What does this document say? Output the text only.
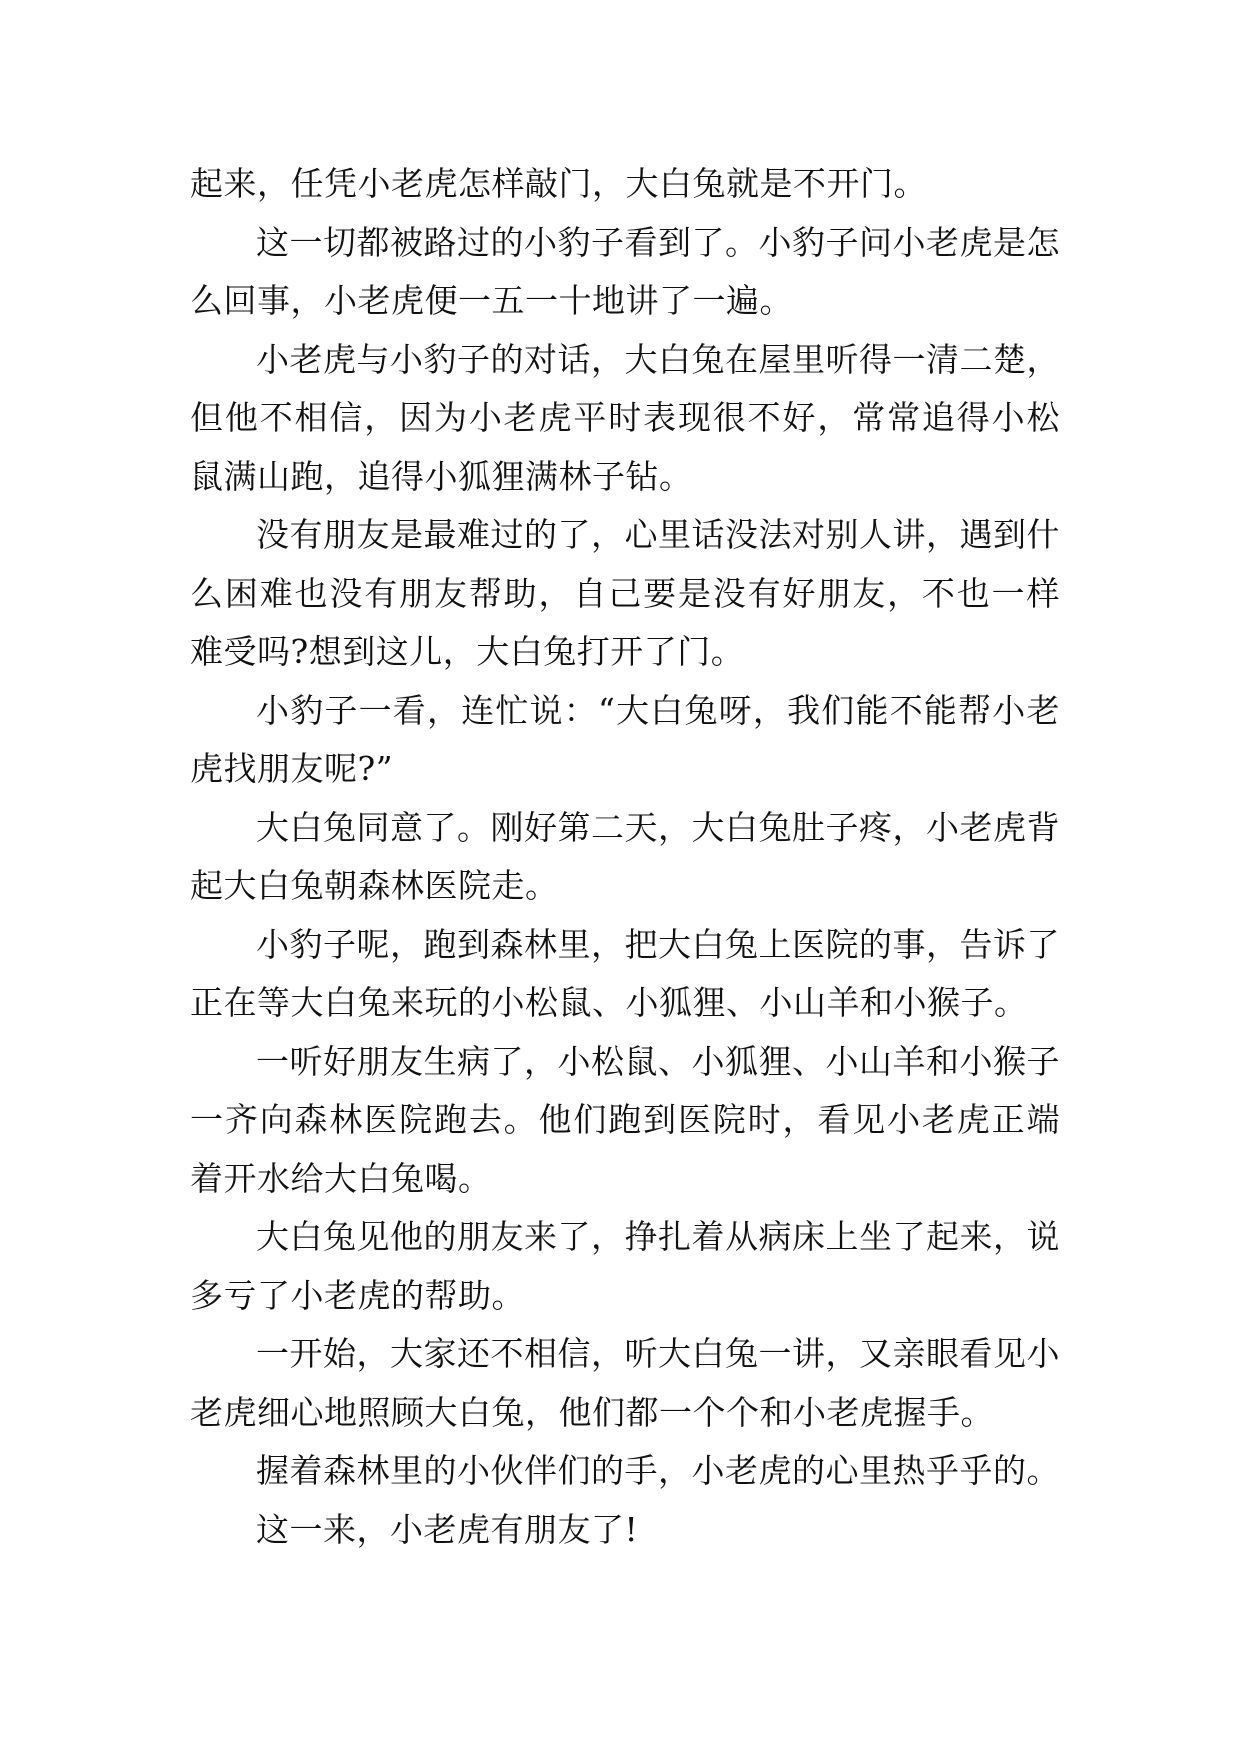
起来，任凭小老虎怎样敲门，大白兔就是不开门。

这一切都被路过的小豹子看到了。小豹子问小老虎是怎么回事，小老虎便一五一十地讲了一遍。

小老虎与小豹子的对话，大白兔在屋里听得一清二楚，但他不相信，因为小老虎平时表现很不好，常常追得小松鼠满山跑，追得小狐狸满林子钻。

没有朋友是最难过的了，心里话没法对别人讲，遇到什么困难也没有朋友帮助，自己要是没有好朋友，不也一样难受吗?想到这儿，大白兔打开了门。

小豹子一看，连忙说：“大白兔呀，我们能不能帮小老虎找朋友呢?”

大白兔同意了。刚好第二天，大白兔肚子疼，小老虎背起大白兔朝森林医院走。

小豹子呢，跑到森林里，把大白兔上医院的事，告诉了正在等大白兔来玩的小松鼠、小狐狸、小山羊和小猴子。

一听好朋友生病了，小松鼠、小狐狸、小山羊和小猴子一齐向森林医院跑去。他们跑到医院时，看见小老虎正端着开水给大白兔喝。

大白兔见他的朋友来了，挣扎着从病床上坐了起来，说多亏了小老虎的帮助。

一开始，大家还不相信，听大白兔一讲，又亲眼看见小老虎细心地照顾大白兔，他们都一个个和小老虎握手。

握着森林里的小伙伴们的手，小老虎的心里热乎乎的。

这一来，小老虎有朋友了!
